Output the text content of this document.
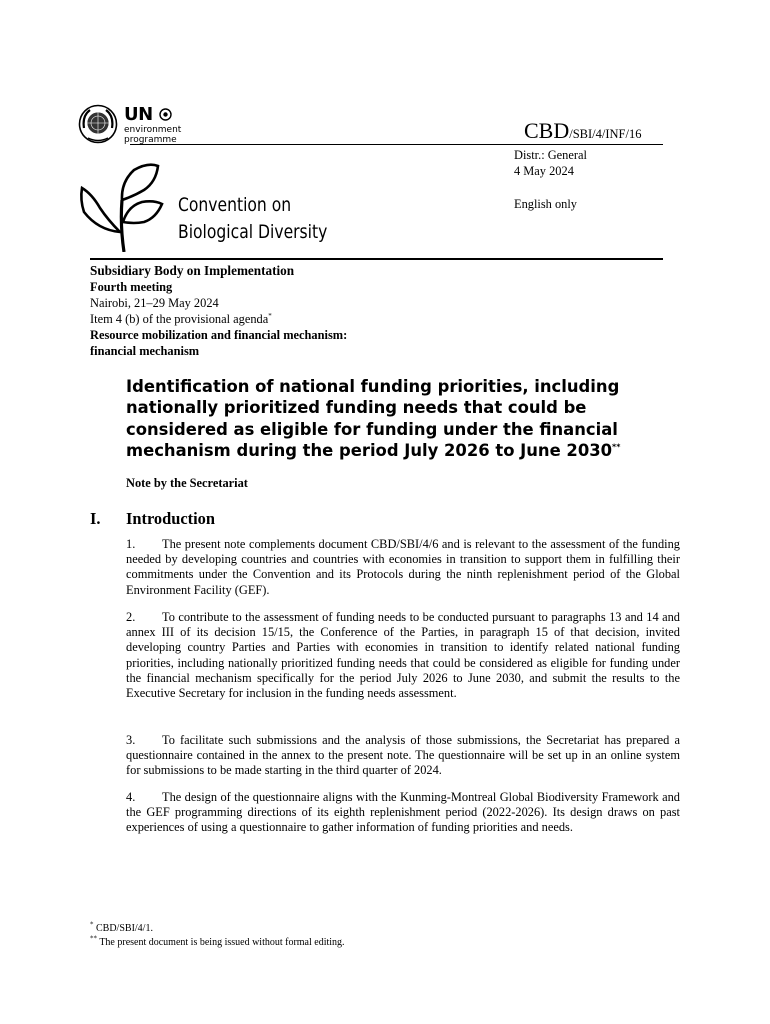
UN
environment
programme	CBD/SBI/4/INF/16
Distr.: General
4 May 2024
English only
Convention on
Biological Diversity
Subsidiary Body on Implementation
Fourth meeting
Nairobi, 21–29 May 2024
Item 4 (b) of the provisional agenda*
Resource mobilization and financial mechanism:
financial mechanism
Identification of national funding priorities, including
nationally prioritized funding needs that could be
considered as eligible for funding under the financial
mechanism during the period July 2026 to June 2030**
Note by the Secretariat
I. Introduction

1. The present note complements document CBD/SBI/4/6 and is relevant to the assessment of the funding needed by developing countries and countries with economies in transition to support them in fulfilling their commitments under the Convention and its Protocols during the ninth replenishment period of the Global Environment Facility (GEF).

2. To contribute to the assessment of funding needs to be conducted pursuant to paragraphs 13 and 14 and annex III of its decision 15/15, the Conference of the Parties, in paragraph 15 of that decision, invited developing country Parties and Parties with economies in transition to identify related national funding priorities, including nationally prioritized funding needs that could be considered as eligible for funding under the financial mechanism specifically for the period July 2026 to June 2030, and submit the results to the Executive Secretary for inclusion in the funding needs assessment.

3. To facilitate such submissions and the analysis of those submissions, the Secretariat has prepared a questionnaire contained in the annex to the present note. The questionnaire will be set up in an online system for submissions to be made starting in the third quarter of 2024.

4. The design of the questionnaire aligns with the Kunming-Montreal Global Biodiversity Framework and the GEF programming directions of its eighth replenishment period (2022-2026). Its design draws on past experiences of using a questionnaire to gather information of funding priorities and needs.

* CBD/SBI/4/1.
** The present document is being issued without formal editing.
